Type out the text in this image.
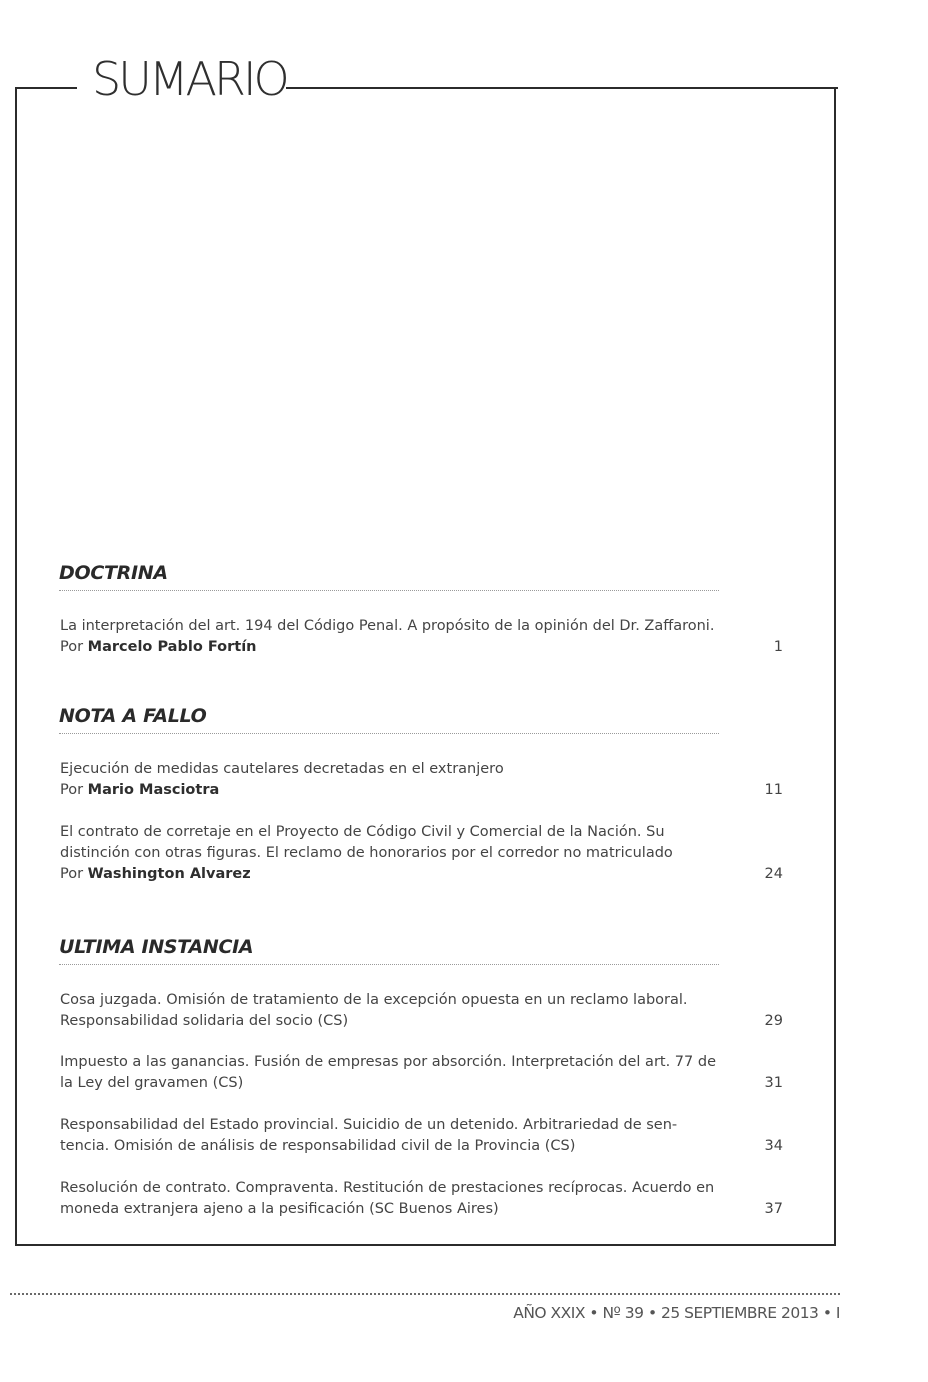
SUMARIO
DOCTRINA
La interpretación del art. 194 del Código Penal. A propósito de la opinión del Dr. Zaffaroni.
Por Marcelo Pablo Fortín	1
NOTA A FALLO
Ejecución de medidas cautelares decretadas en el extranjero
Por Mario Masciotra	11
El contrato de corretaje en el Proyecto de Código Civil y Comercial de la Nación. Su distinción con otras figuras. El reclamo de honorarios por el corredor no matriculado
Por Washington Alvarez	24
ULTIMA INSTANCIA
Cosa juzgada. Omisión de tratamiento de la excepción opuesta en un reclamo laboral. Responsabilidad solidaria del socio (CS)	29
Impuesto a las ganancias. Fusión de empresas por absorción. Interpretación del art. 77 de la Ley del gravamen (CS)	31
Responsabilidad del Estado provincial. Suicidio de un detenido. Arbitrariedad de sen-tencia. Omisión de análisis de responsabilidad civil de la Provincia (CS)	34
Resolución de contrato. Compraventa. Restitución de prestaciones recíprocas. Acuerdo en moneda extranjera ajeno a la pesificación (SC Buenos Aires)	37
AÑO XXIX • Nº 39 • 25 SEPTIEMBRE 2013 • I
